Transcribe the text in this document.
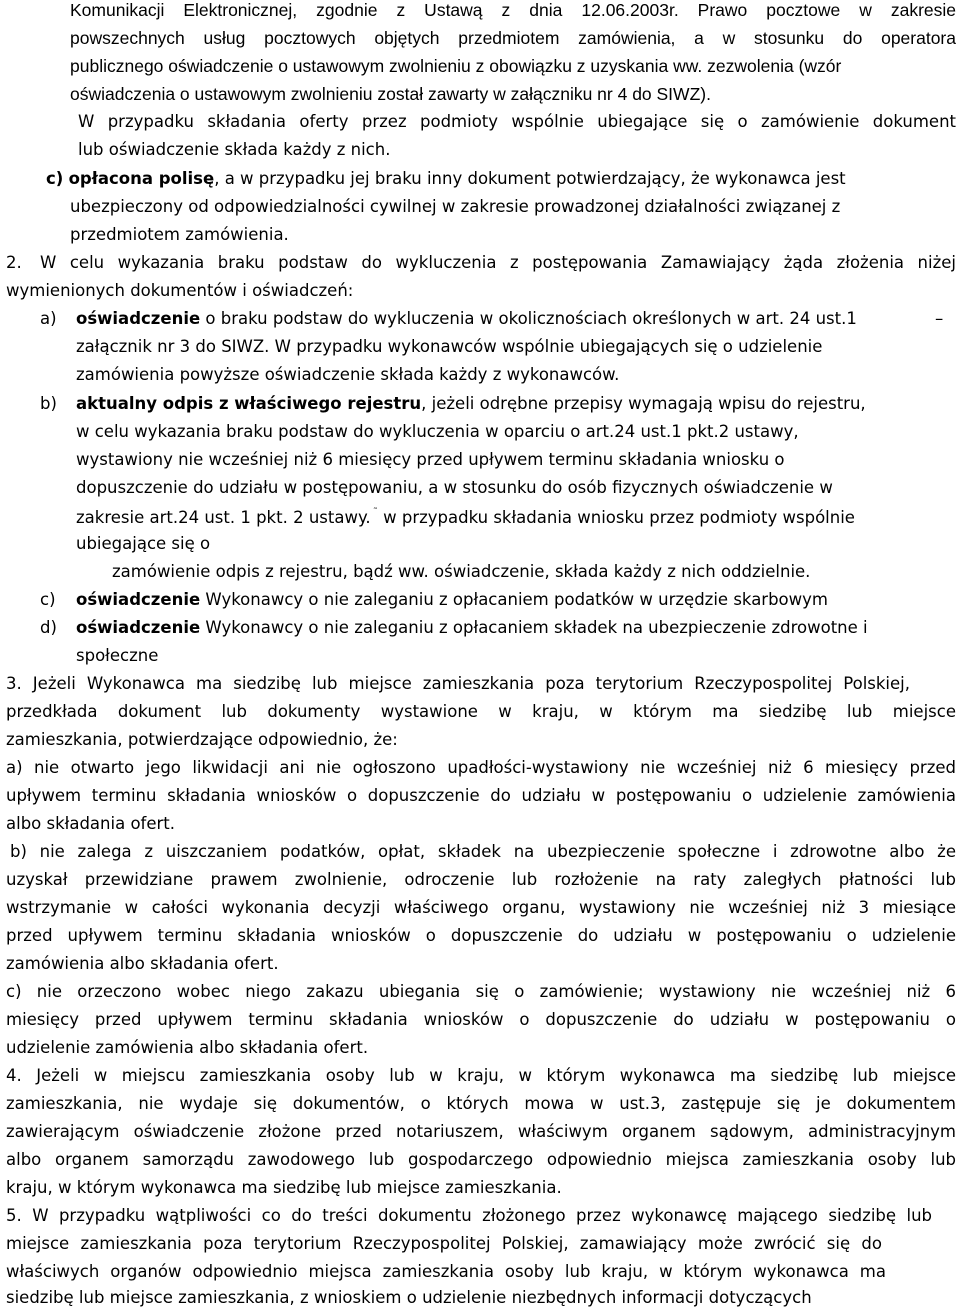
Komunikacji Elektronicznej, zgodnie z Ustawą z dnia 12.06.2003r. Prawo pocztowe w zakresie
powszechnych usług pocztowych objętych przedmiotem zamówienia, a w stosunku do operatora
publicznego oświadczenie o ustawowym zwolnieniu z obowiązku z uzyskania ww. zezwolenia (wzór
oświadczenia o ustawowym zwolnieniu został zawarty w załączniku nr 4 do SIWZ).
W przypadku składania oferty przez podmioty wspólnie ubiegające się o zamówienie dokument
lub oświadczenie składa każdy z nich.
c) opłacona polisę, a w przypadku jej braku inny dokument potwierdzający, że wykonawca jest
ubezpieczony od odpowiedzialności cywilnej w zakresie prowadzonej działalności związanej z
przedmiotem zamówienia.
2. W celu wykazania braku podstaw do wykluczenia z postępowania Zamawiający żąda złożenia niżej
wymienionych dokumentów i oświadczeń:
a) oświadczenie o braku podstaw do wykluczenia w okolicznościach określonych w art. 24 ust.1	–
załącznik nr 3 do SIWZ. W przypadku wykonawców wspólnie ubiegających się o udzielenie
zamówienia powyższe oświadczenie składa każdy z wykonawców.
b) aktualny odpis z właściwego rejestru, jeżeli odrębne przepisy wymagają wpisu do rejestru,
w celu wykazania braku podstaw do wykluczenia w oparciu o art.24 ust.1 pkt.2 ustawy,
wystawiony nie wcześniej niż 6 miesięcy przed upływem terminu składania wniosku o
dopuszczenie do udziału w postępowaniu, a w stosunku do osób fizycznych oświadczenie w
zakresie art.24 ust. 1 pkt. 2 ustawy. ˜ w przypadku składania wniosku przez podmioty wspólnie
ubiegające się o
zamówienie odpis z rejestru, bądź ww. oświadczenie, składa każdy z nich oddzielnie.
c) oświadczenie Wykonawcy o nie zaleganiu z opłacaniem podatków w urzędzie skarbowym
d) oświadczenie Wykonawcy o nie zaleganiu z opłacaniem składek na ubezpieczenie zdrowotne i
społeczne
3. Jeżeli Wykonawca ma siedzibę lub miejsce zamieszkania poza terytorium Rzeczypospolitej Polskiej,
przedkłada dokument lub dokumenty wystawione w kraju, w którym ma siedzibę lub miejsce
zamieszkania, potwierdzające odpowiednio, że:
a) nie otwarto jego likwidacji ani nie ogłoszono upadłości-wystawiony nie wcześniej niż 6 miesięcy przed
upływem terminu składania wniosków o dopuszczenie do udziału w postępowaniu o udzielenie zamówienia
albo składania ofert.
b) nie zalega z uiszczaniem podatków, opłat, składek na ubezpieczenie społeczne i zdrowotne albo że
uzyskał przewidziane prawem zwolnienie, odroczenie lub rozłożenie na raty zaległych płatności lub
wstrzymanie w całości wykonania decyzji właściwego organu, wystawiony nie wcześniej niż 3 miesiące
przed upływem terminu składania wniosków o dopuszczenie do udziału w postępowaniu o udzielenie
zamówienia albo składania ofert.
c) nie orzeczono wobec niego zakazu ubiegania się o zamówienie; wystawiony nie wcześniej niż 6
miesięcy przed upływem terminu składania wniosków o dopuszczenie do udziału w postępowaniu o
udzielenie zamówienia albo składania ofert.
4. Jeżeli w miejscu zamieszkania osoby lub w kraju, w którym wykonawca ma siedzibę lub miejsce
zamieszkania, nie wydaje się dokumentów, o których mowa w ust.3, zastępuje się je dokumentem
zawierającym oświadczenie złożone przed notariuszem, właściwym organem sądowym, administracyjnym
albo organem samorządu zawodowego lub gospodarczego odpowiednio miejsca zamieszkania osoby lub
kraju, w którym wykonawca ma siedzibę lub miejsce zamieszkania.
5. W przypadku wątpliwości co do treści dokumentu złożonego przez wykonawcę mającego siedzibę lub
miejsce zamieszkania poza terytorium Rzeczypospolitej Polskiej, zamawiający może zwrócić się do
właściwych organów odpowiednio miejsca zamieszkania osoby lub kraju, w którym wykonawca ma
siedzibę lub miejsce zamieszkania, z wnioskiem o udzielenie niezbędnych informacji dotyczących
